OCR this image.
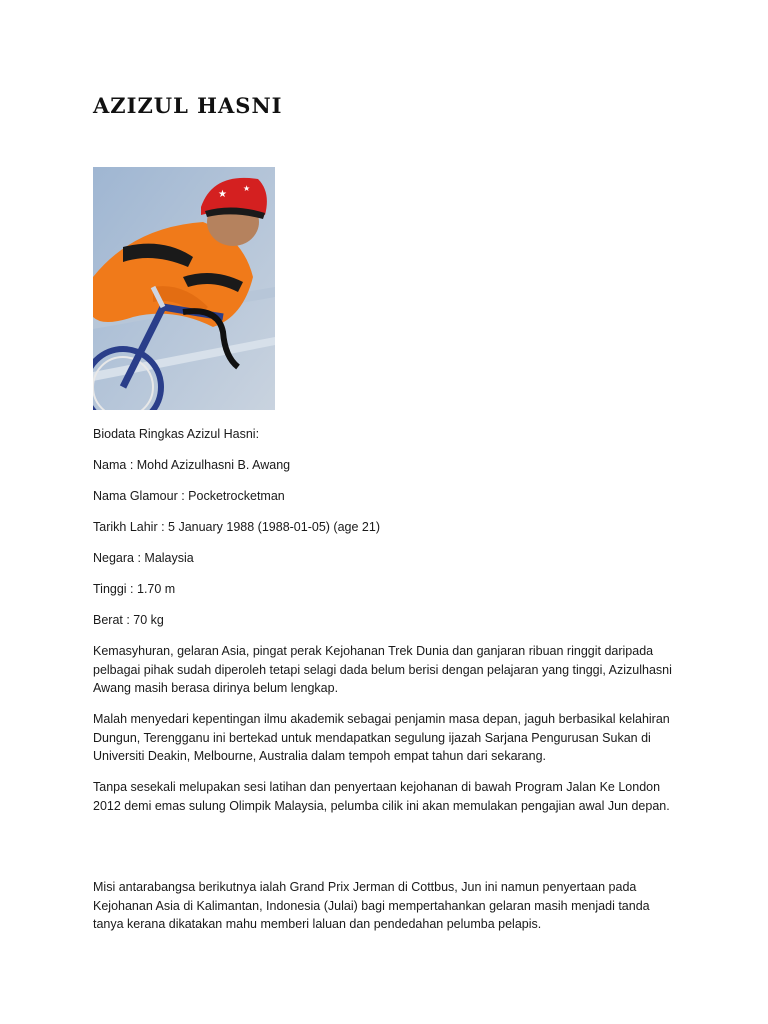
AZIZUL HASNI
★
★

Biodata Ringkas Azizul Hasni:

Nama : Mohd Azizulhasni B. Awang

Nama Glamour : Pocketrocketman

Tarikh Lahir : 5 January 1988 (1988-01-05) (age 21)

Negara : Malaysia

Tinggi : 1.70 m

Berat : 70 kg

Kemasyhuran, gelaran Asia, pingat perak Kejohanan Trek Dunia dan ganjaran ribuan ringgit daripada pelbagai pihak sudah diperoleh tetapi selagi dada belum berisi dengan pelajaran yang tinggi, Azizulhasni Awang masih berasa dirinya belum lengkap.

Malah menyedari kepentingan ilmu akademik sebagai penjamin masa depan, jaguh berbasikal kelahiran Dungun, Terengganu ini bertekad untuk mendapatkan segulung ijazah Sarjana Pengurusan Sukan di Universiti Deakin, Melbourne, Australia dalam tempoh empat tahun dari sekarang.

Tanpa sesekali melupakan sesi latihan dan penyertaan kejohanan di bawah Program Jalan Ke London 2012 demi emas sulung Olimpik Malaysia, pelumba cilik ini akan memulakan pengajian awal Jun depan.

Misi antarabangsa berikutnya ialah Grand Prix Jerman di Cottbus, Jun ini namun penyertaan pada Kejohanan Asia di Kalimantan, Indonesia (Julai) bagi mempertahankan gelaran masih menjadi tanda tanya kerana dikatakan mahu memberi laluan dan pendedahan pelumba pelapis.
